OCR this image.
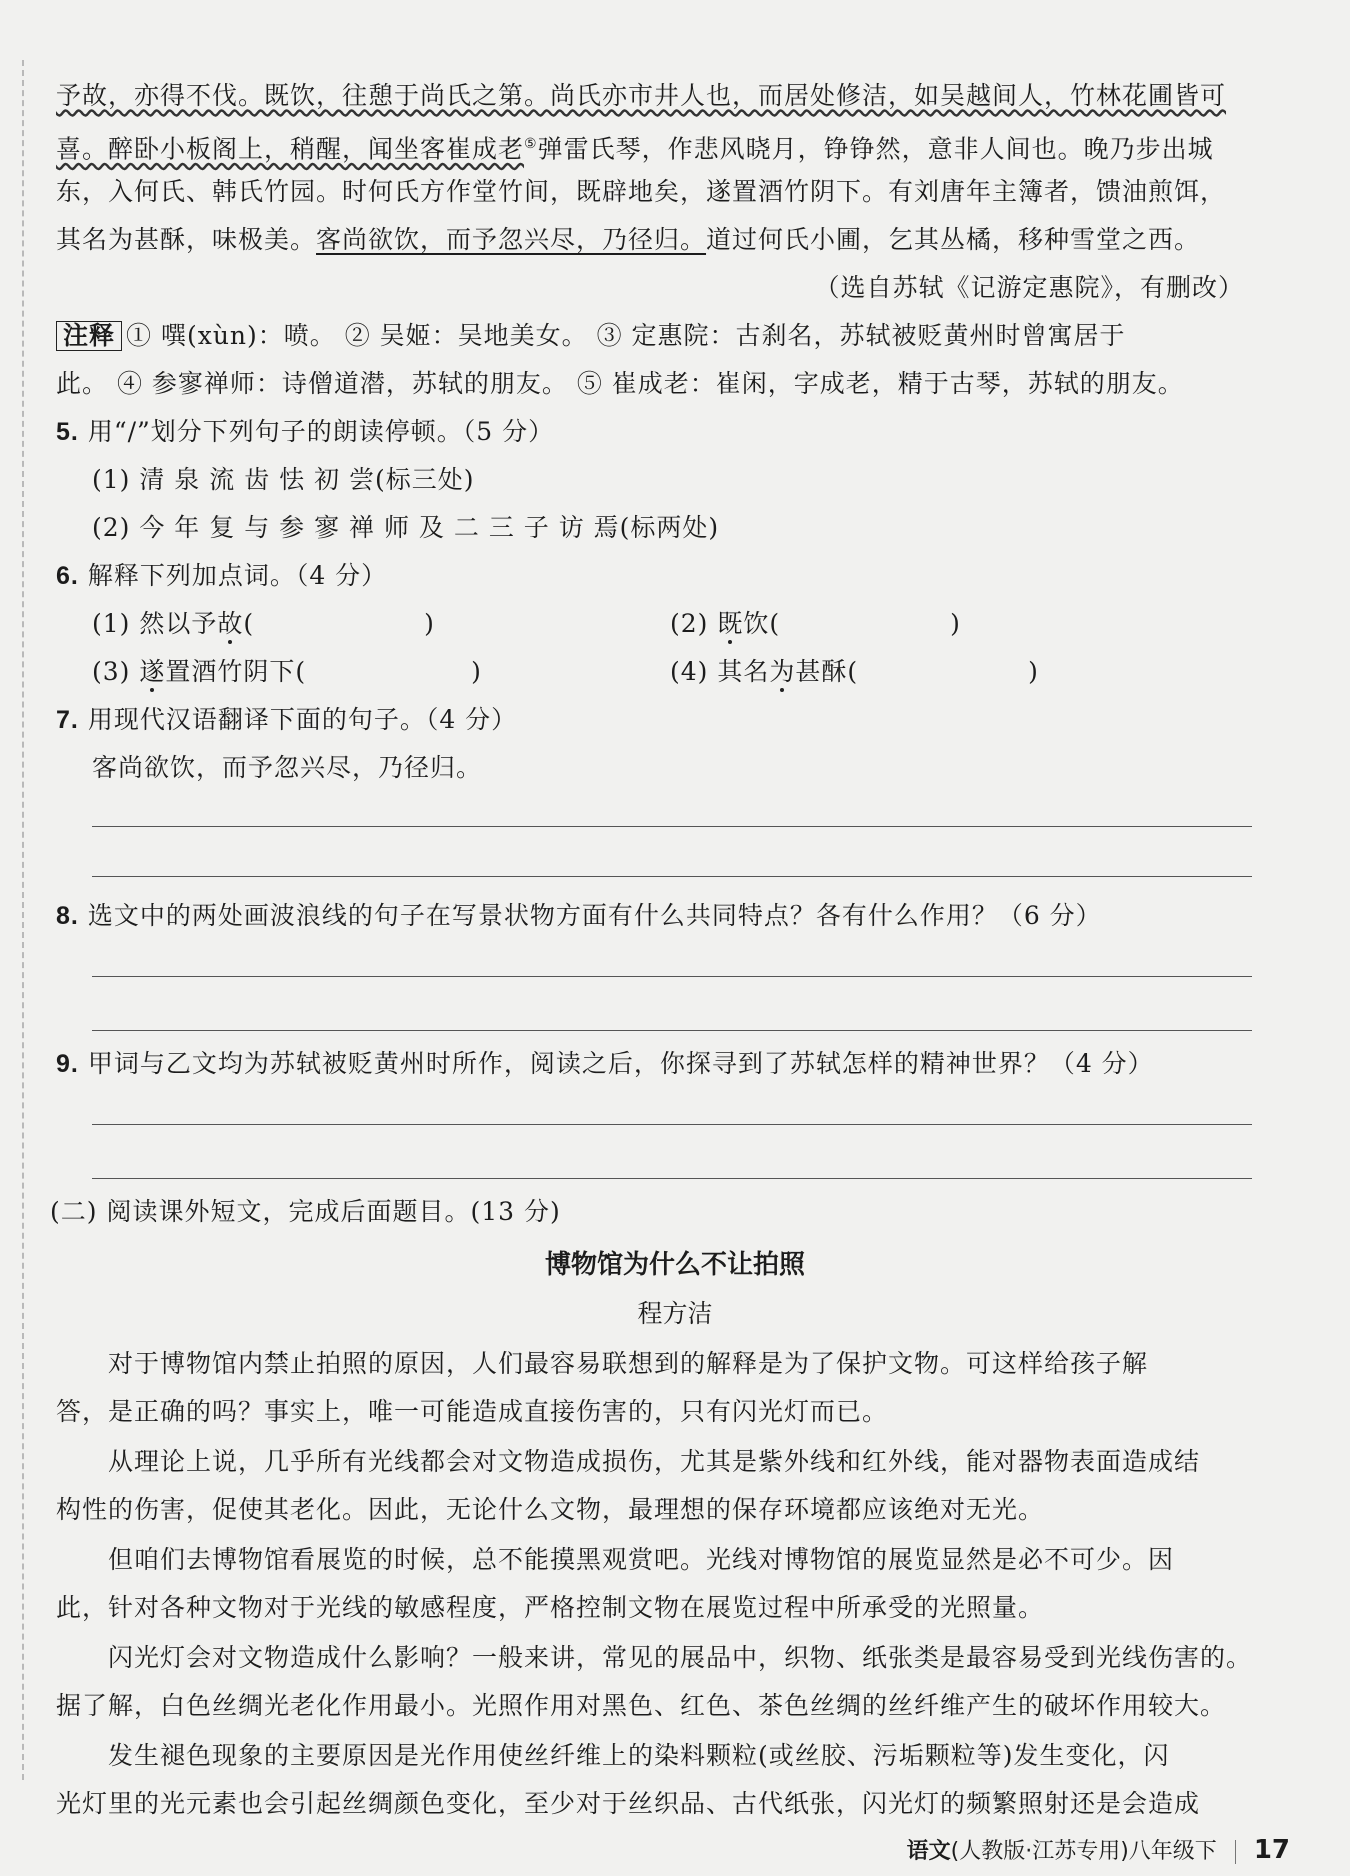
予故，亦得不伐。既饮，往憩于尚氏之第。尚氏亦市井人也，而居处修洁，如吴越间人，竹林花圃皆可
喜。醉卧小板阁上，稍醒，闻坐客崔成老⑤弹雷氏琴，作悲风晓月，铮铮然，意非人间也。晚乃步出城
东，入何氏、韩氏竹园。时何氏方作堂竹间，既辟地矣，遂置酒竹阴下。有刘唐年主簿者，馈油煎饵，
其名为甚酥，味极美。客尚欲饮，而予忽兴尽，乃径归。道过何氏小圃，乞其丛橘，移种雪堂之西。
（选自苏轼《记游定惠院》，有删改）
注释 ① 噀(xùn)：喷。 ② 吴姬：吴地美女。 ③ 定惠院：古刹名，苏轼被贬黄州时曾寓居于
此。 ④ 参寥禅师：诗僧道潜，苏轼的朋友。 ⑤ 崔成老：崔闲，字成老，精于古琴，苏轼的朋友。
5. 用“/”划分下列句子的朗读停顿。（5 分）
(1) 清 泉 流 齿 怯 初 尝(标三处)
(2) 今 年 复 与 参 寥 禅 师 及 二 三 子 访 焉(标两处)
6. 解释下列加点词。（4 分）
(1) 然以予故(	)	(2) 既饮(	)
(3) 遂置酒竹阴下(	)	(4) 其名为甚酥(	)
7. 用现代汉语翻译下面的句子。（4 分）
客尚欲饮，而予忽兴尽，乃径归。
8. 选文中的两处画波浪线的句子在写景状物方面有什么共同特点？各有什么作用？（6 分）
9. 甲词与乙文均为苏轼被贬黄州时所作，阅读之后，你探寻到了苏轼怎样的精神世界？（4 分）
(二) 阅读课外短文，完成后面题目。(13 分)
博物馆为什么不让拍照
程方洁
对于博物馆内禁止拍照的原因，人们最容易联想到的解释是为了保护文物。可这样给孩子解
答，是正确的吗？事实上，唯一可能造成直接伤害的，只有闪光灯而已。
从理论上说，几乎所有光线都会对文物造成损伤，尤其是紫外线和红外线，能对器物表面造成结
构性的伤害，促使其老化。因此，无论什么文物，最理想的保存环境都应该绝对无光。
但咱们去博物馆看展览的时候，总不能摸黑观赏吧。光线对博物馆的展览显然是必不可少。因
此，针对各种文物对于光线的敏感程度，严格控制文物在展览过程中所承受的光照量。
闪光灯会对文物造成什么影响？一般来讲，常见的展品中，织物、纸张类是最容易受到光线伤害的。
据了解，白色丝绸光老化作用最小。光照作用对黑色、红色、茶色丝绸的丝纤维产生的破坏作用较大。
发生褪色现象的主要原因是光作用使丝纤维上的染料颗粒(或丝胶、污垢颗粒等)发生变化，闪
光灯里的光元素也会引起丝绸颜色变化，至少对于丝织品、古代纸张，闪光灯的频繁照射还是会造成
语文(人教版·江苏专用)八年级下 17
